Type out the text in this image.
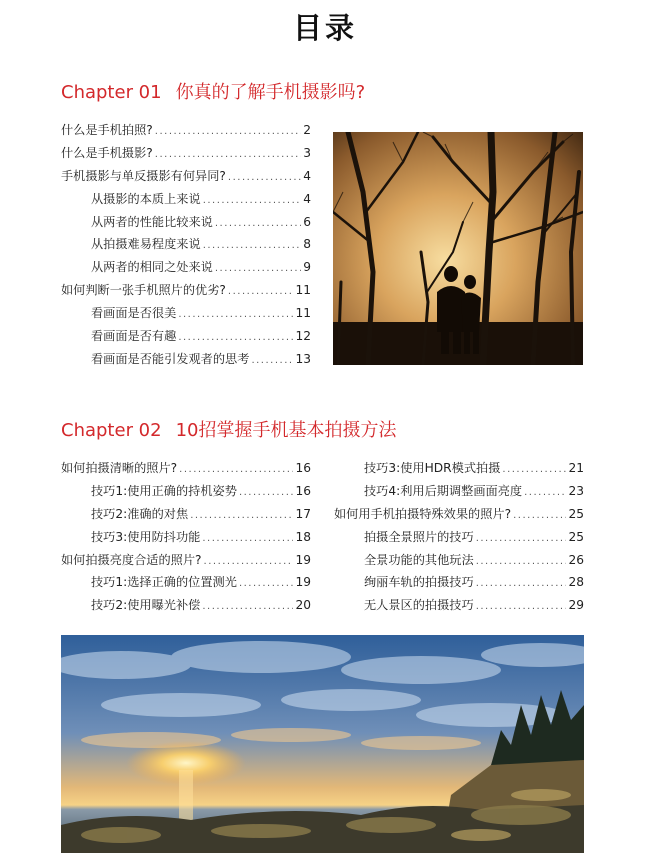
目录
Chapter 01 你真的了解手机摄影吗?
什么是手机拍照? .....	2
什么是手机摄影? .....	3
手机摄影与单反摄影有何异同? .....	4
从摄影的本质上来说 .....	4
从两者的性能比较来说 .....	6
从拍摄难易程度来说 .....	8
从两者的相同之处来说 .....	9
如何判断一张手机照片的优劣? .....	11
看画面是否很美 .....	11
看画面是否有趣 .....	12
看画面是否能引发观者的思考 .....	13
Chapter 02 10招掌握手机基本拍摄方法
如何拍摄清晰的照片? .....	16
技巧1:使用正确的持机姿势 .....	16
技巧2:准确的对焦 .....	17
技巧3:使用防抖功能 .....	18
如何拍摄亮度合适的照片? .....	19
技巧1:选择正确的位置测光 .....	19
技巧2:使用曝光补偿 .....	20
技巧3:使用HDR模式拍摄 .....	21
技巧4:利用后期调整画面亮度 .....	23
如何用手机拍摄特殊效果的照片? .....	25
拍摄全景照片的技巧 .....	25
全景功能的其他玩法 .....	26
绚丽车轨的拍摄技巧 .....	28
无人景区的拍摄技巧 .....	29
